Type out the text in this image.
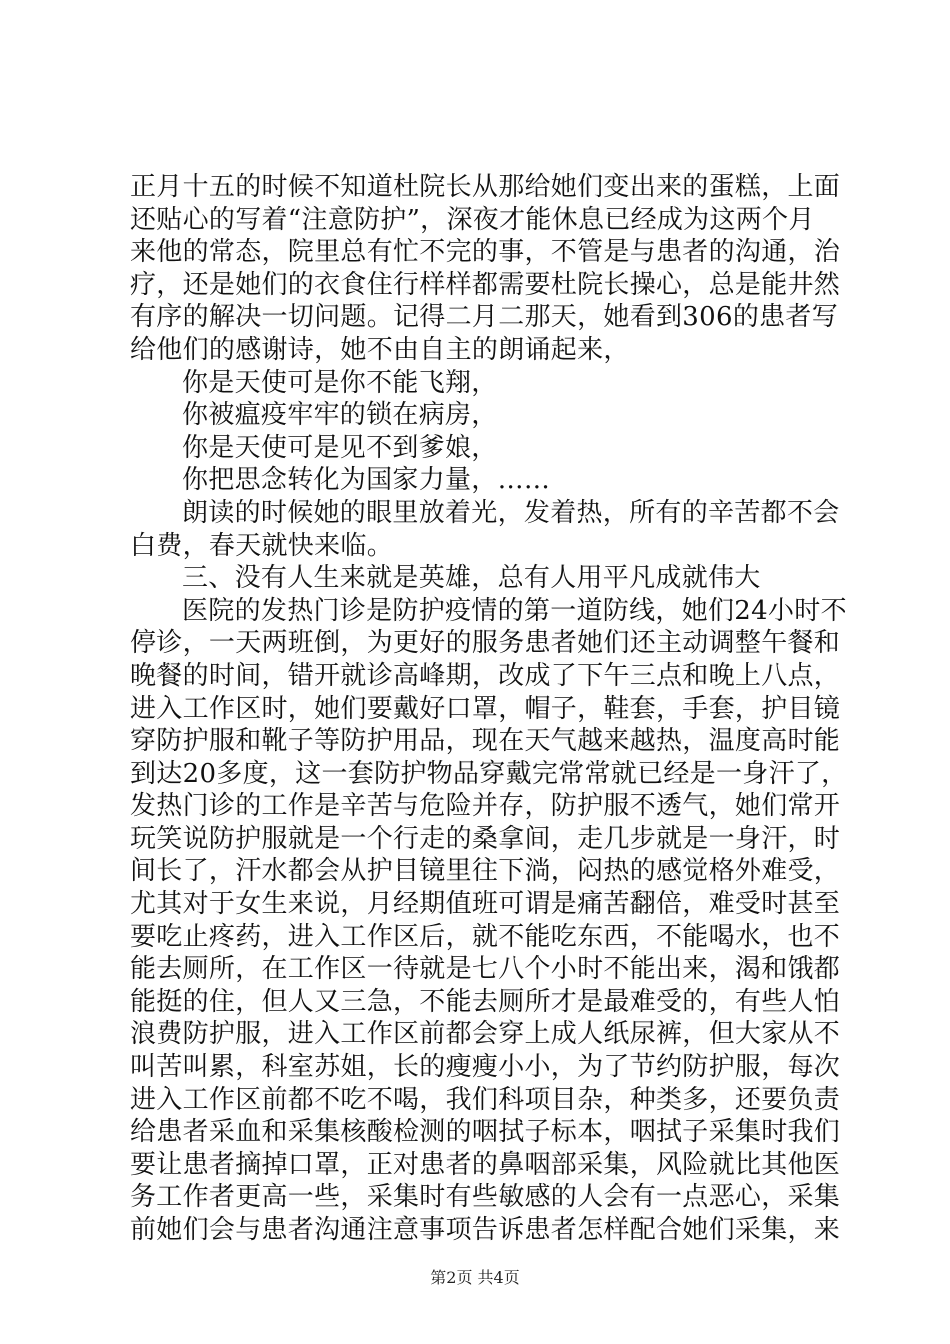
正月十五的时候不知道杜院长从那给她们变出来的蛋糕，上面
还贴心的写着“注意防护”，深夜才能休息已经成为这两个月
来他的常态，院里总有忙不完的事，不管是与患者的沟通，治
疗，还是她们的衣食住行样样都需要杜院长操心，总是能井然
有序的解决一切问题。记得二月二那天，她看到306的患者写
给他们的感谢诗，她不由自主的朗诵起来，
你是天使可是你不能飞翔，
你被瘟疫牢牢的锁在病房，
你是天使可是见不到爹娘，
你把思念转化为国家力量，……
朗读的时候她的眼里放着光，发着热，所有的辛苦都不会
白费，春天就快来临。
三、没有人生来就是英雄，总有人用平凡成就伟大
医院的发热门诊是防护疫情的第一道防线，她们24小时不
停诊，一天两班倒，为更好的服务患者她们还主动调整午餐和
晚餐的时间，错开就诊高峰期，改成了下午三点和晚上八点，
进入工作区时，她们要戴好口罩，帽子，鞋套，手套，护目镜
穿防护服和靴子等防护用品，现在天气越来越热，温度高时能
到达20多度，这一套防护物品穿戴完常常就已经是一身汗了，
发热门诊的工作是辛苦与危险并存，防护服不透气，她们常开
玩笑说防护服就是一个行走的桑拿间，走几步就是一身汗，时
间长了，汗水都会从护目镜里往下淌，闷热的感觉格外难受，
尤其对于女生来说，月经期值班可谓是痛苦翻倍，难受时甚至
要吃止疼药，进入工作区后，就不能吃东西，不能喝水，也不
能去厕所，在工作区一待就是七八个小时不能出来，渴和饿都
能挺的住，但人又三急，不能去厕所才是最难受的，有些人怕
浪费防护服，进入工作区前都会穿上成人纸尿裤，但大家从不
叫苦叫累，科室苏姐，长的瘦瘦小小，为了节约防护服，每次
进入工作区前都不吃不喝，我们科项目杂，种类多，还要负责
给患者采血和采集核酸检测的咽拭子标本，咽拭子采集时我们
要让患者摘掉口罩，正对患者的鼻咽部采集，风险就比其他医
务工作者更高一些，采集时有些敏感的人会有一点恶心，采集
前她们会与患者沟通注意事项告诉患者怎样配合她们采集，来
第2页 共4页
